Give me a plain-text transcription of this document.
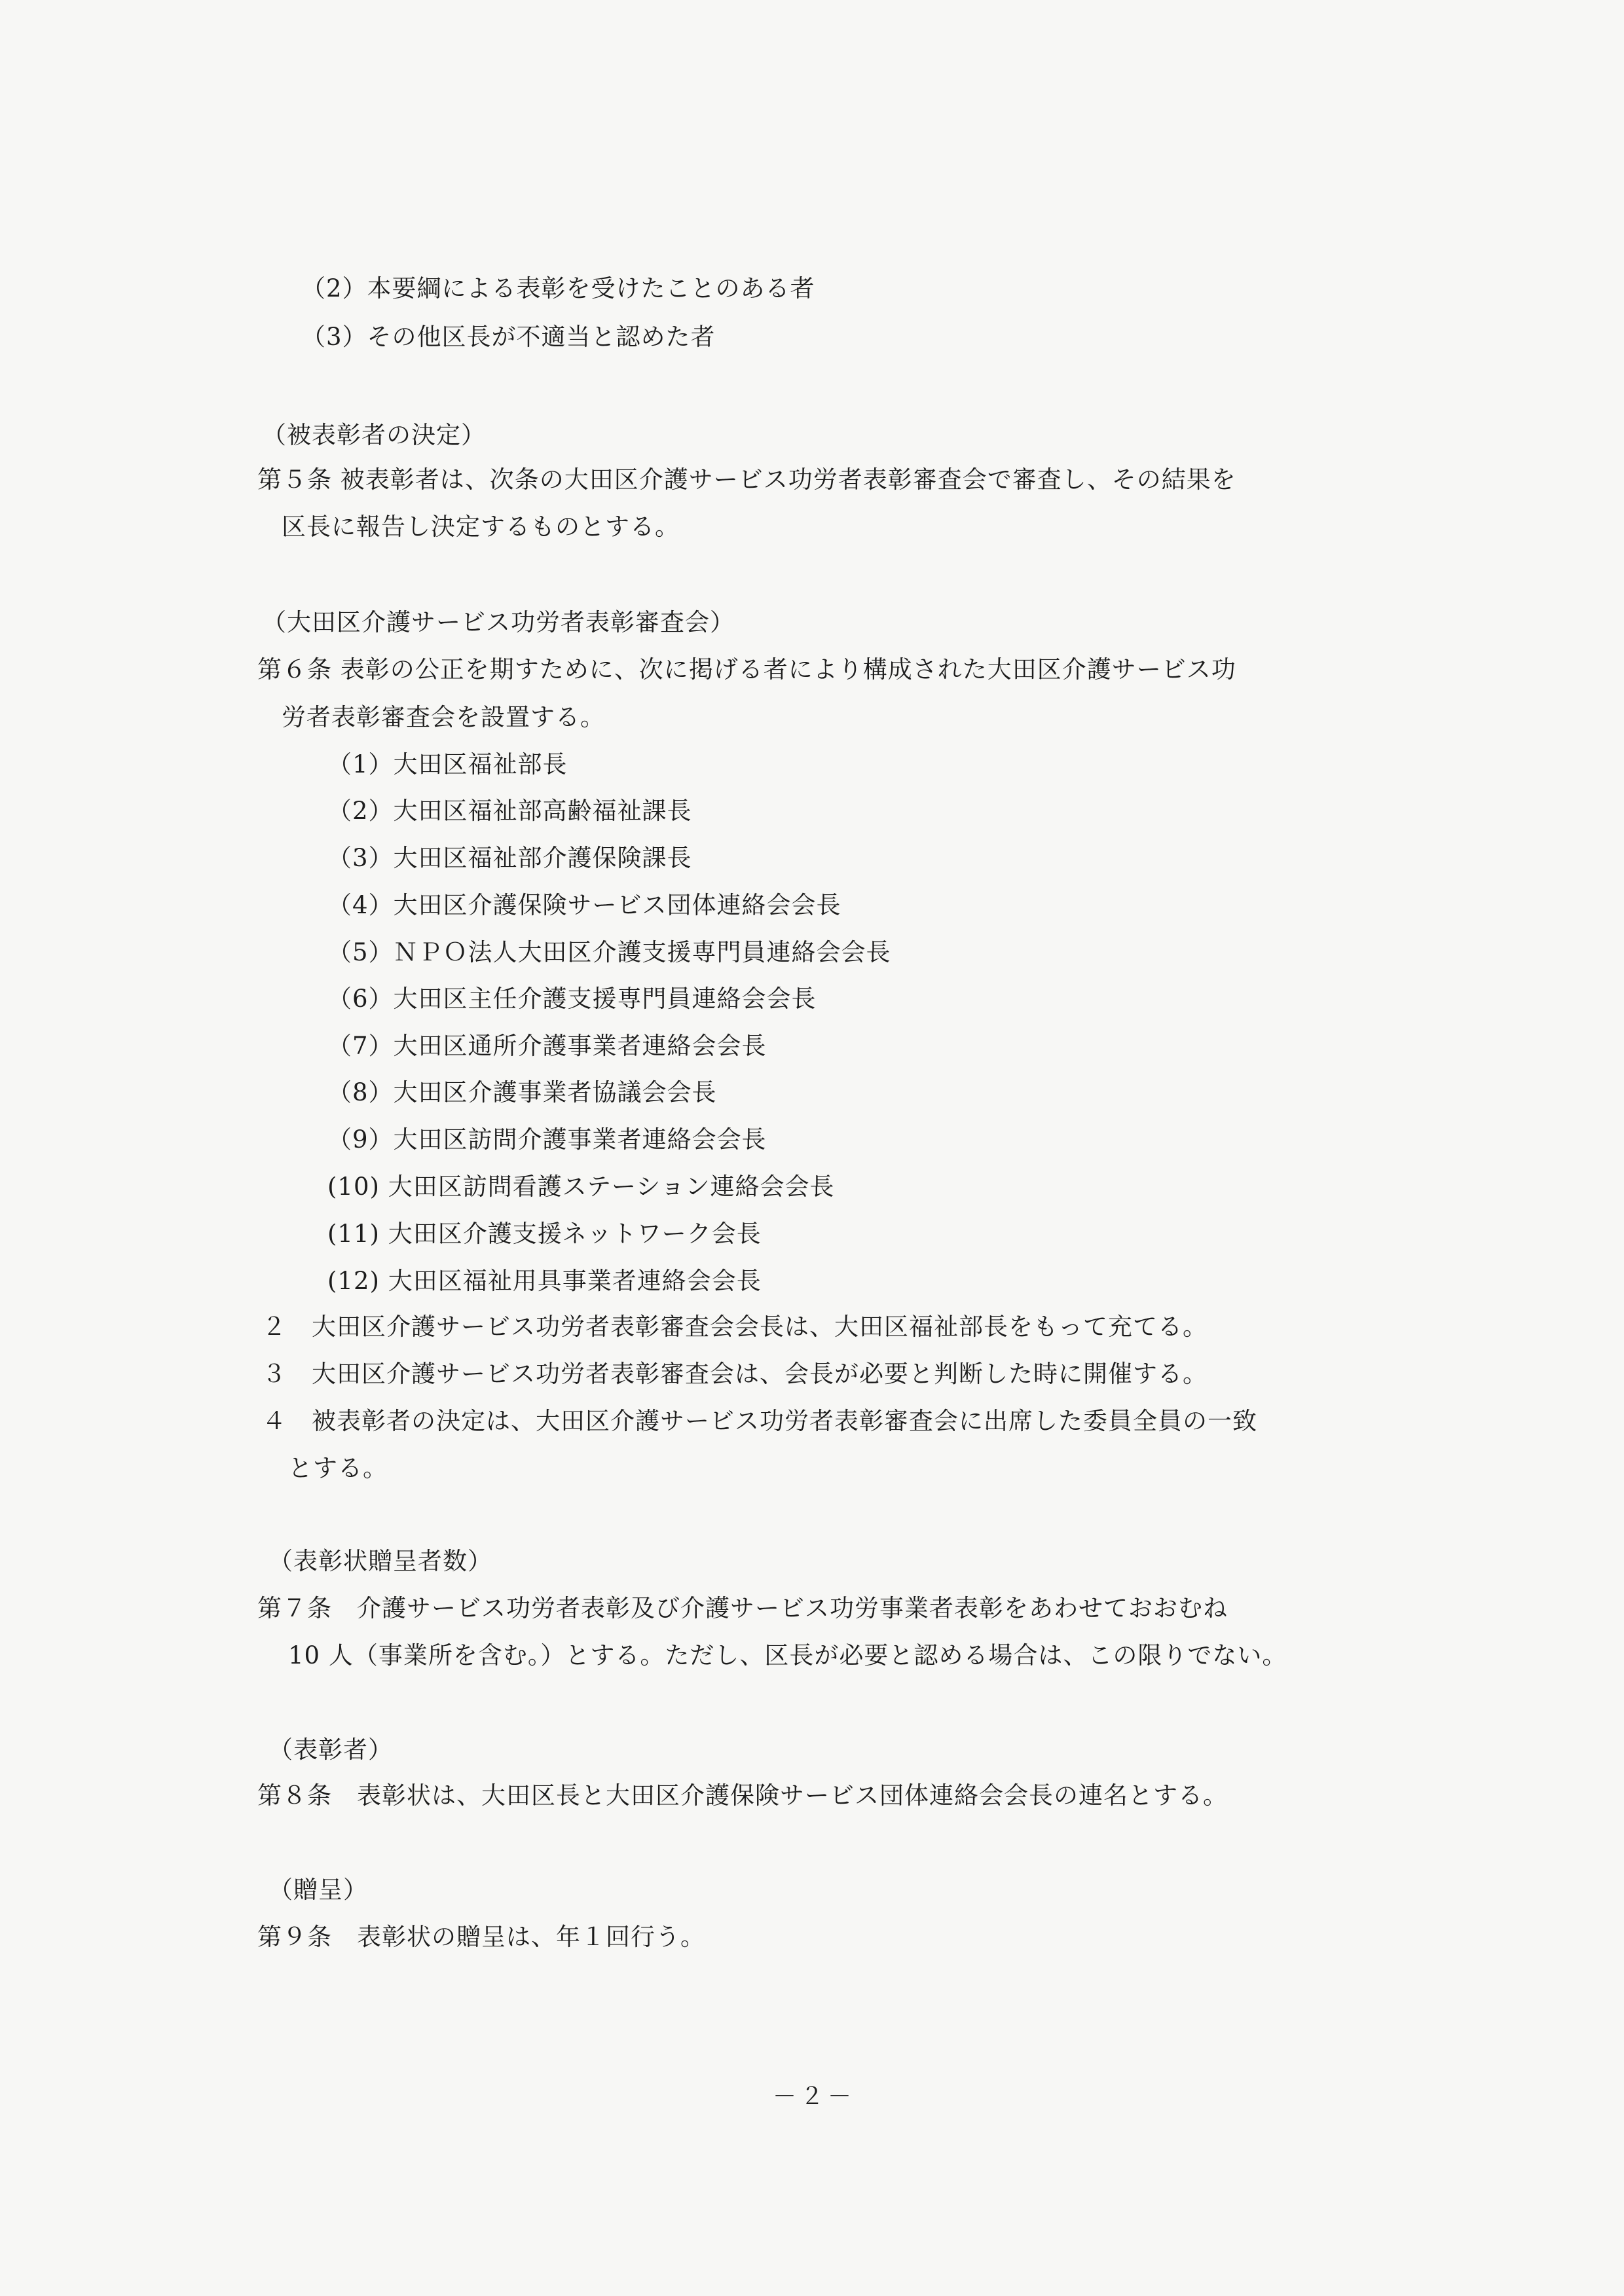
（2）本要綱による表彰を受けたことのある者
（3）その他区長が不適当と認めた者
（被表彰者の決定）
第５条 被表彰者は、次条の大田区介護サービス功労者表彰審査会で審査し、その結果を
区長に報告し決定するものとする。
（大田区介護サービス功労者表彰審査会）
第６条 表彰の公正を期すために、次に掲げる者により構成された大田区介護サービス功
労者表彰審査会を設置する。
（1）大田区福祉部長
（2）大田区福祉部高齢福祉課長
（3）大田区福祉部介護保険課長
（4）大田区介護保険サービス団体連絡会会長
（5）ＮＰＯ法人大田区介護支援専門員連絡会会長
（6）大田区主任介護支援専門員連絡会会長
（7）大田区通所介護事業者連絡会会長
（8）大田区介護事業者協議会会長
（9）大田区訪問介護事業者連絡会会長
(10) 大田区訪問看護ステーション連絡会会長
(11) 大田区介護支援ネットワーク会長
(12) 大田区福祉用具事業者連絡会会長
２　大田区介護サービス功労者表彰審査会会長は、大田区福祉部長をもって充てる。
３　大田区介護サービス功労者表彰審査会は、会長が必要と判断した時に開催する。
４　被表彰者の決定は、大田区介護サービス功労者表彰審査会に出席した委員全員の一致
とする。
（表彰状贈呈者数）
第７条　介護サービス功労者表彰及び介護サービス功労事業者表彰をあわせておおむね
10 人（事業所を含む。）とする。ただし、区長が必要と認める場合は、この限りでない。
（表彰者）
第８条　表彰状は、大田区長と大田区介護保険サービス団体連絡会会長の連名とする。
（贈呈）
第９条　表彰状の贈呈は、年１回行う。
－２－
